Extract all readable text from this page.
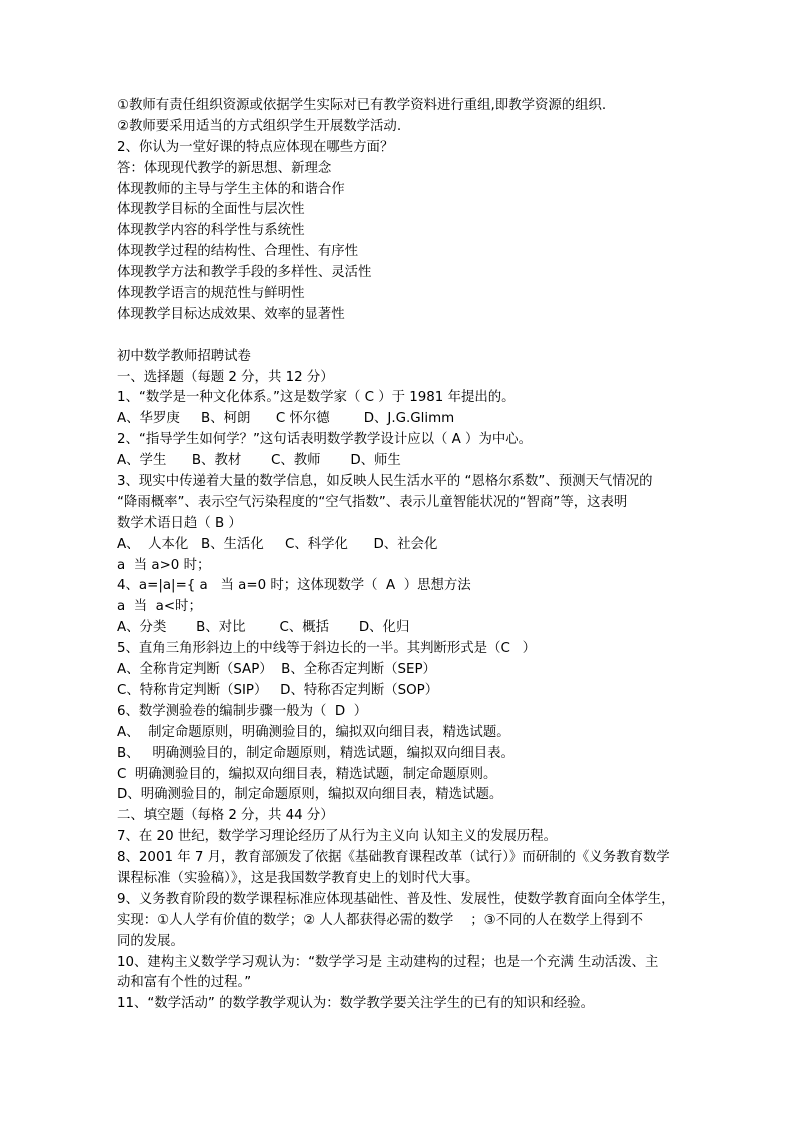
①教师有责任组织资源或依据学生实际对已有教学资料进行重组,即教学资源的组织.
②教师要采用适当的方式组织学生开展数学活动.
2、你认为一堂好课的特点应体现在哪些方面？
答：体现现代教学的新思想、新理念
体现教师的主导与学生主体的和谐合作
体现教学目标的全面性与层次性
体现教学内容的科学性与系统性
体现教学过程的结构性、合理性、有序性
体现教学方法和教学手段的多样性、灵活性
体现教学语言的规范性与鲜明性
体现教学目标达成效果、效率的显著性
初中数学教师招聘试卷
一、选择题（每题 2 分，共 12 分）
1、“数学是一种文化体系。”这是数学家（ C ）于 1981 年提出的。
A、华罗庚     B、柯朗      C 怀尔德        D、J.G.Glimm
2、“指导学生如何学？”这句话表明数学教学设计应以（ A ）为中心。
A、学生      B、教材       C、教师       D、师生
3、现实中传递着大量的数学信息，如反映人民生活水平的 “恩格尔系数”、预测天气情况的
“降雨概率”、表示空气污染程度的“空气指数”、表示儿童智能状况的“智商”等，这表明
数学术语日趋（ B ）
A、  人本化   B、生活化     C、科学化      D、社会化
a  当 a>0 时；
4、a=|a|={ a   当 a=0 时；这体现数学（  A  ）思想方法
a  当  a<时；
A、分类       B、对比        C、概括       D、化归
5、直角三角形斜边上的中线等于斜边长的一半。其判断形式是（C   ）
A、全称肯定判断（SAP）  B、全称否定判断（SEP）
C、特称肯定判断（SIP）   D、特称否定判断（SOP）
6、数学测验卷的编制步骤一般为（  D  ）
A、  制定命题原则，明确测验目的，编拟双向细目表，精选试题。
B、   明确测验目的，制定命题原则，精选试题，编拟双向细目表。
C  明确测验目的，编拟双向细目表，精选试题，制定命题原则。
D、明确测验目的，制定命题原则，编拟双向细目表，精选试题。
二、填空题（每格 2 分，共 44 分）
7、在 20 世纪，数学学习理论经历了从行为主义向 认知主义的发展历程。
8、2001 年 7 月，教育部颁发了依据《基础教育课程改革（试行）》而研制的《义务教育数学
课程标准（实验稿）》，这是我国数学教育史上的划时代大事。
9、义务教育阶段的数学课程标准应体现基础性、普及性、发展性，使数学教育面向全体学生，
实现：①人人学有价值的数学；② 人人都获得必需的数学    ；③不同的人在数学上得到不
同的发展。
10、建构主义数学学习观认为：“数学学习是 主动建构的过程；也是一个充满 生动活泼、主
动和富有个性的过程。”
11、“数学活动” 的数学教学观认为：数学教学要关注学生的已有的知识和经验。
